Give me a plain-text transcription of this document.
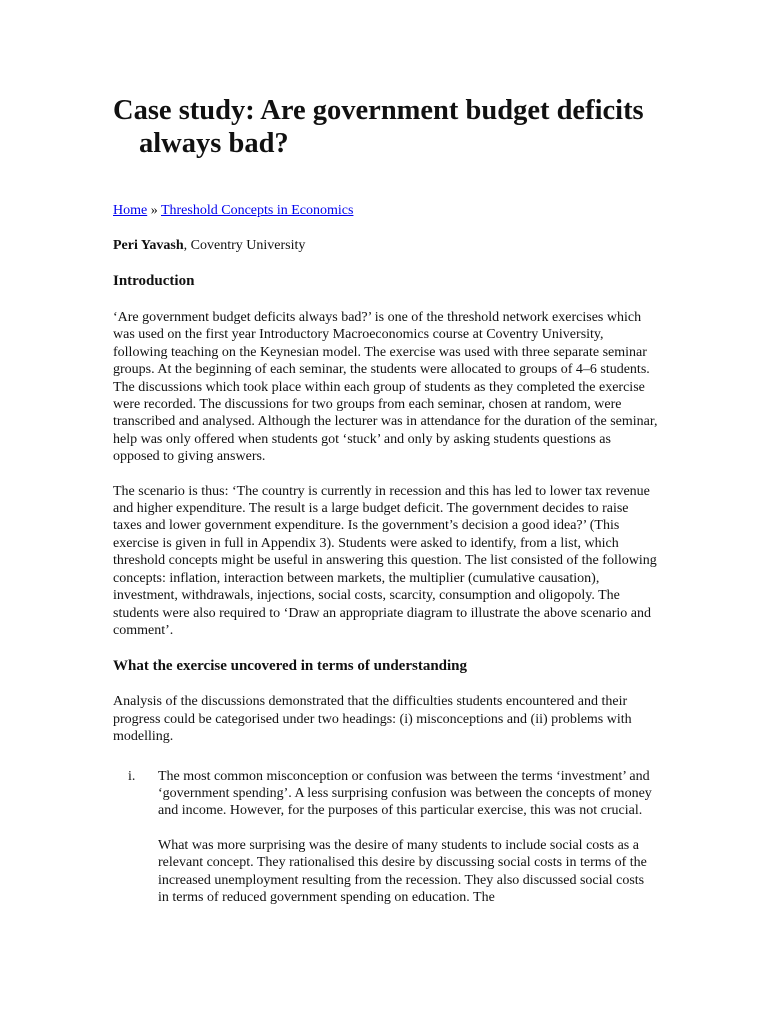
Case study: Are government budget deficits always bad?
Home » Threshold Concepts in Economics
Peri Yavash, Coventry University
Introduction

‘Are government budget deficits always bad?’ is one of the threshold network exercises which was used on the first year Introductory Macroeconomics course at Coventry University, following teaching on the Keynesian model. The exercise was used with three separate seminar groups. At the beginning of each seminar, the students were allocated to groups of 4–6 students. The discussions which took place within each group of students as they completed the exercise were recorded. The discussions for two groups from each seminar, chosen at random, were transcribed and analysed. Although the lecturer was in attendance for the duration of the seminar, help was only offered when students got ‘stuck’ and only by asking students questions as opposed to giving answers.

The scenario is thus: ‘The country is currently in recession and this has led to lower tax revenue and higher expenditure. The result is a large budget deficit. The government decides to raise taxes and lower government expenditure. Is the government’s decision a good idea?’ (This exercise is given in full in Appendix 3). Students were asked to identify, from a list, which threshold concepts might be useful in answering this question. The list consisted of the following concepts: inflation, interaction between markets, the multiplier (cumulative causation), investment, withdrawals, injections, social costs, scarcity, consumption and oligopoly. The students were also required to ‘Draw an appropriate diagram to illustrate the above scenario and comment’.

What the exercise uncovered in terms of understanding

Analysis of the discussions demonstrated that the difficulties students encountered and their progress could be categorised under two headings: (i) misconceptions and (ii) problems with modelling.

i. The most common misconception or confusion was between the terms ‘investment’ and ‘government spending’. A less surprising confusion was between the concepts of money and income. However, for the purposes of this particular exercise, this was not crucial.

What was more surprising was the desire of many students to include social costs as a relevant concept. They rationalised this desire by discussing social costs in terms of the increased unemployment resulting from the recession. They also discussed social costs in terms of reduced government spending on education. The
